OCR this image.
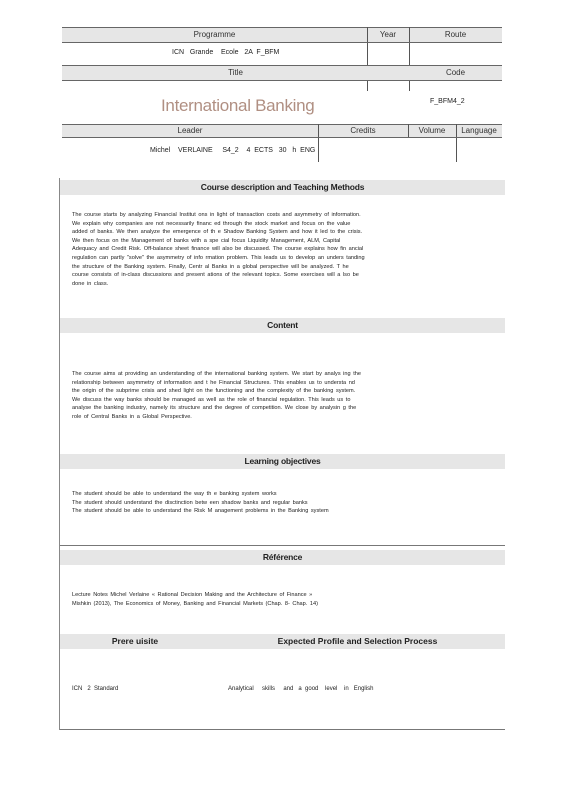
Programme	Year	Route
ICN   Grande    Ecole   2A  F_BFM
Title	Code
International Banking	F_BFM4_2
Leader	Credits	Volume	Language
Michel    VERLAINE     S4_2    4  ECTS   30   h  ENG
Course description and Teaching Methods
The course starts by analyzing Financial Institut ons in light of transaction costs and asymmetry of information.
We explain why companies are not necessarily financ ed through the stock market and focus on the value
added of banks. We then analyze the emergence of th e Shadow Banking System and how it led to the crisis.
We then focus on the Management of banks with a spe cial focus Liquidity Management, ALM, Capital
Adequacy and Credit Risk. Off-balance sheet finance will also be discussed. The course explains how fin ancial
regulation can partly "solve" the asymmetry of info rmation problem. This leads us to develop an unders tanding
the structure of the Banking system. Finally, Centr al Banks in a global perspective will be analyzed. T he
course consists of in-class discussions and present ations of the relevant topics. Some exercises will a lso be
done in class.
Content
The course aims at providing an understanding of the international banking system. We start by analys ing the
relationship between asymmetry of information and t he Financial Structures. This enables us to understa nd
the origin of the subprime crisis and shed light on the functioning and the complexity of the banking system.
We discuss the way banks should be managed as well as the role of financial regulation. This leads us to
analyse the banking industry, namely its structure and the degree of competition. We close by analysin g the
role of Central Banks in a Global Perspective.
Learning objectives
The student should be able to understand the way th e banking system works
The student should understand the disctinction betw een shadow banks and regular banks
The student should be able to understand the Risk M anagement problems in the Banking system
Référence
Lecture Notes Michel Verlaine « Rational Decision Making and the Architecture of Finance »
Mishkin (2013), The Economics of Money, Banking and Financial Markets (Chap. 8- Chap. 14)
Prere uisite	Expected Profile and Selection Process
ICN   2  Standard	Analytical     skills     and   a  good    level    in   English
